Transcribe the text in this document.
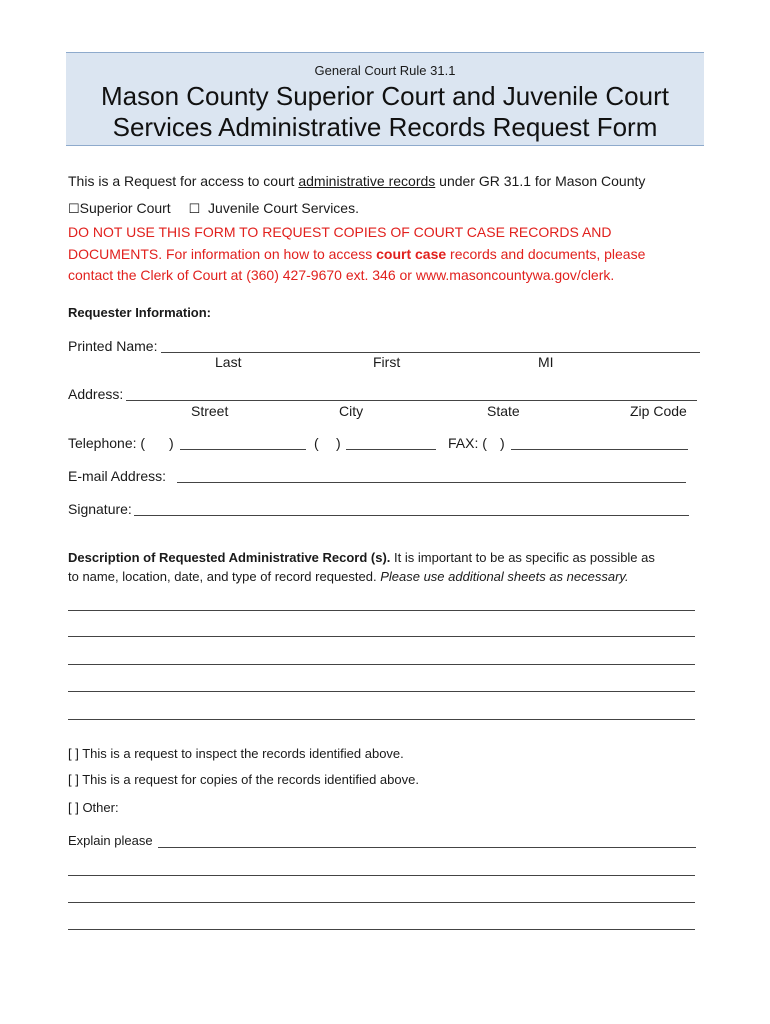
General Court Rule 31.1
Mason County Superior Court and Juvenile Court
Services Administrative Records Request Form
This is a Request for access to court administrative records under GR 31.1 for Mason County
☐Superior Court ☐ Juvenile Court Services.
DO NOT USE THIS FORM TO REQUEST COPIES OF COURT CASE RECORDS AND
DOCUMENTS. For information on how to access court case records and documents, please
contact the Clerk of Court at (360) 427-9670 ext. 346 or www.masoncountywa.gov/clerk.
Requester Information:
Printed Name:
Last	First	MI
Address:
Street	City	State	Zip Code
Telephone: ( )	( )	FAX: ( )
E-mail Address:
Signature:
Description of Requested Administrative Record (s). It is important to be as specific as possible as
to name, location, date, and type of record requested. Please use additional sheets as necessary.
[ ] This is a request to inspect the records identified above.
[ ] This is a request for copies of the records identified above.
[ ] Other:
Explain please
